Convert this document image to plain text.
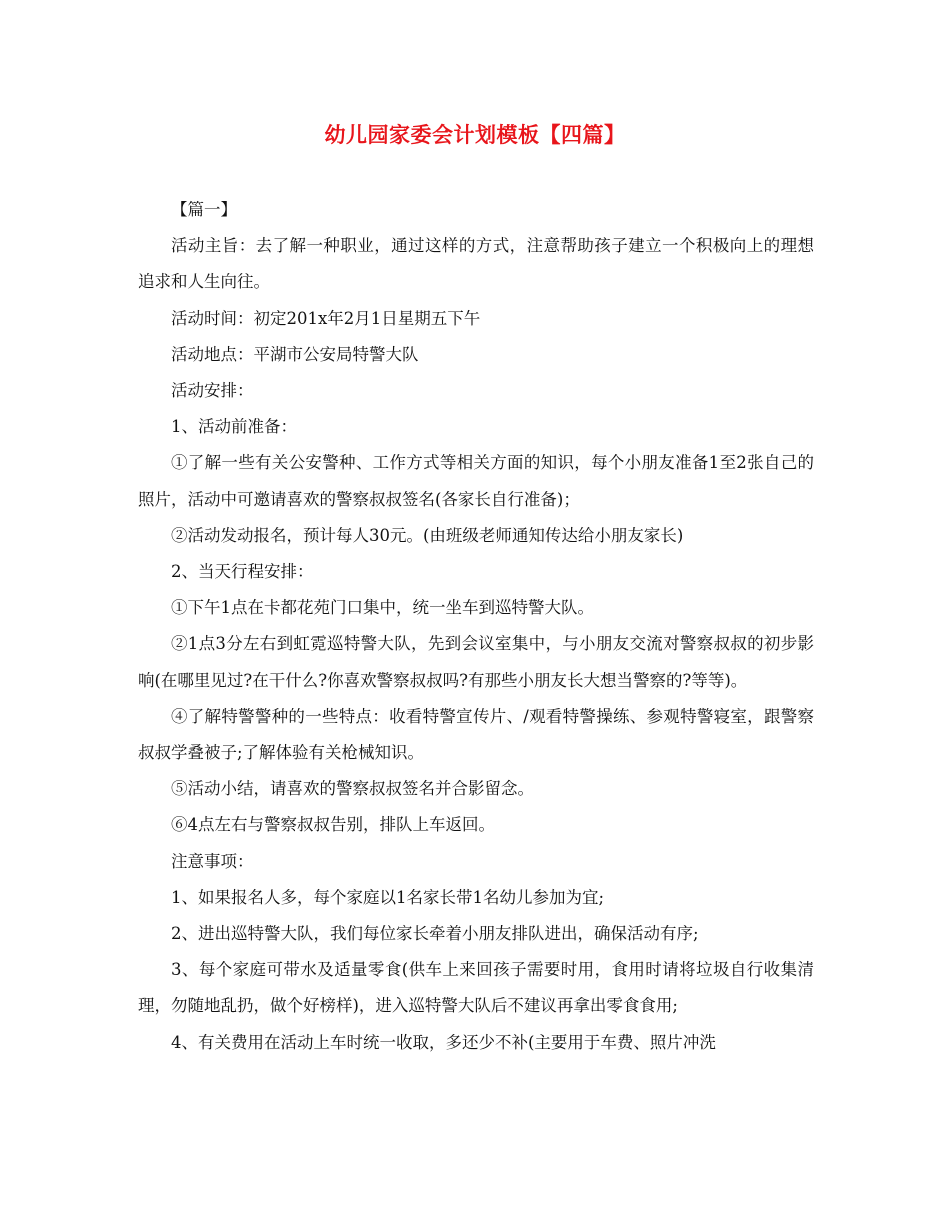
幼儿园家委会计划模板【四篇】

【篇一】

活动主旨：去了解一种职业，通过这样的方式，注意帮助孩子建立一个积极向上的理想追求和人生向往。

活动时间：初定201x年2月1日星期五下午

活动地点：平湖市公安局特警大队

活动安排：

1、活动前准备：

①了解一些有关公安警种、工作方式等相关方面的知识，每个小朋友准备1至2张自己的照片，活动中可邀请喜欢的警察叔叔签名(各家长自行准备)；

②活动发动报名，预计每人30元。(由班级老师通知传达给小朋友家长)

2、当天行程安排：

①下午1点在卡都花苑门口集中，统一坐车到巡特警大队。

②1点3分左右到虹霓巡特警大队，先到会议室集中，与小朋友交流对警察叔叔的初步影响(在哪里见过?在干什么?你喜欢警察叔叔吗?有那些小朋友长大想当警察的?等等)。

④了解特警警种的一些特点：收看特警宣传片、/观看特警操练、参观特警寝室，跟警察叔叔学叠被子;了解体验有关枪械知识。

⑤活动小结，请喜欢的警察叔叔签名并合影留念。

⑥4点左右与警察叔叔告别，排队上车返回。

注意事项：

1、如果报名人多，每个家庭以1名家长带1名幼儿参加为宜;

2、进出巡特警大队，我们每位家长牵着小朋友排队进出，确保活动有序;

3、每个家庭可带水及适量零食(供车上来回孩子需要时用，食用时请将垃圾自行收集清理，勿随地乱扔，做个好榜样)，进入巡特警大队后不建议再拿出零食食用;

4、有关费用在活动上车时统一收取，多还少不补(主要用于车费、照片冲洗
